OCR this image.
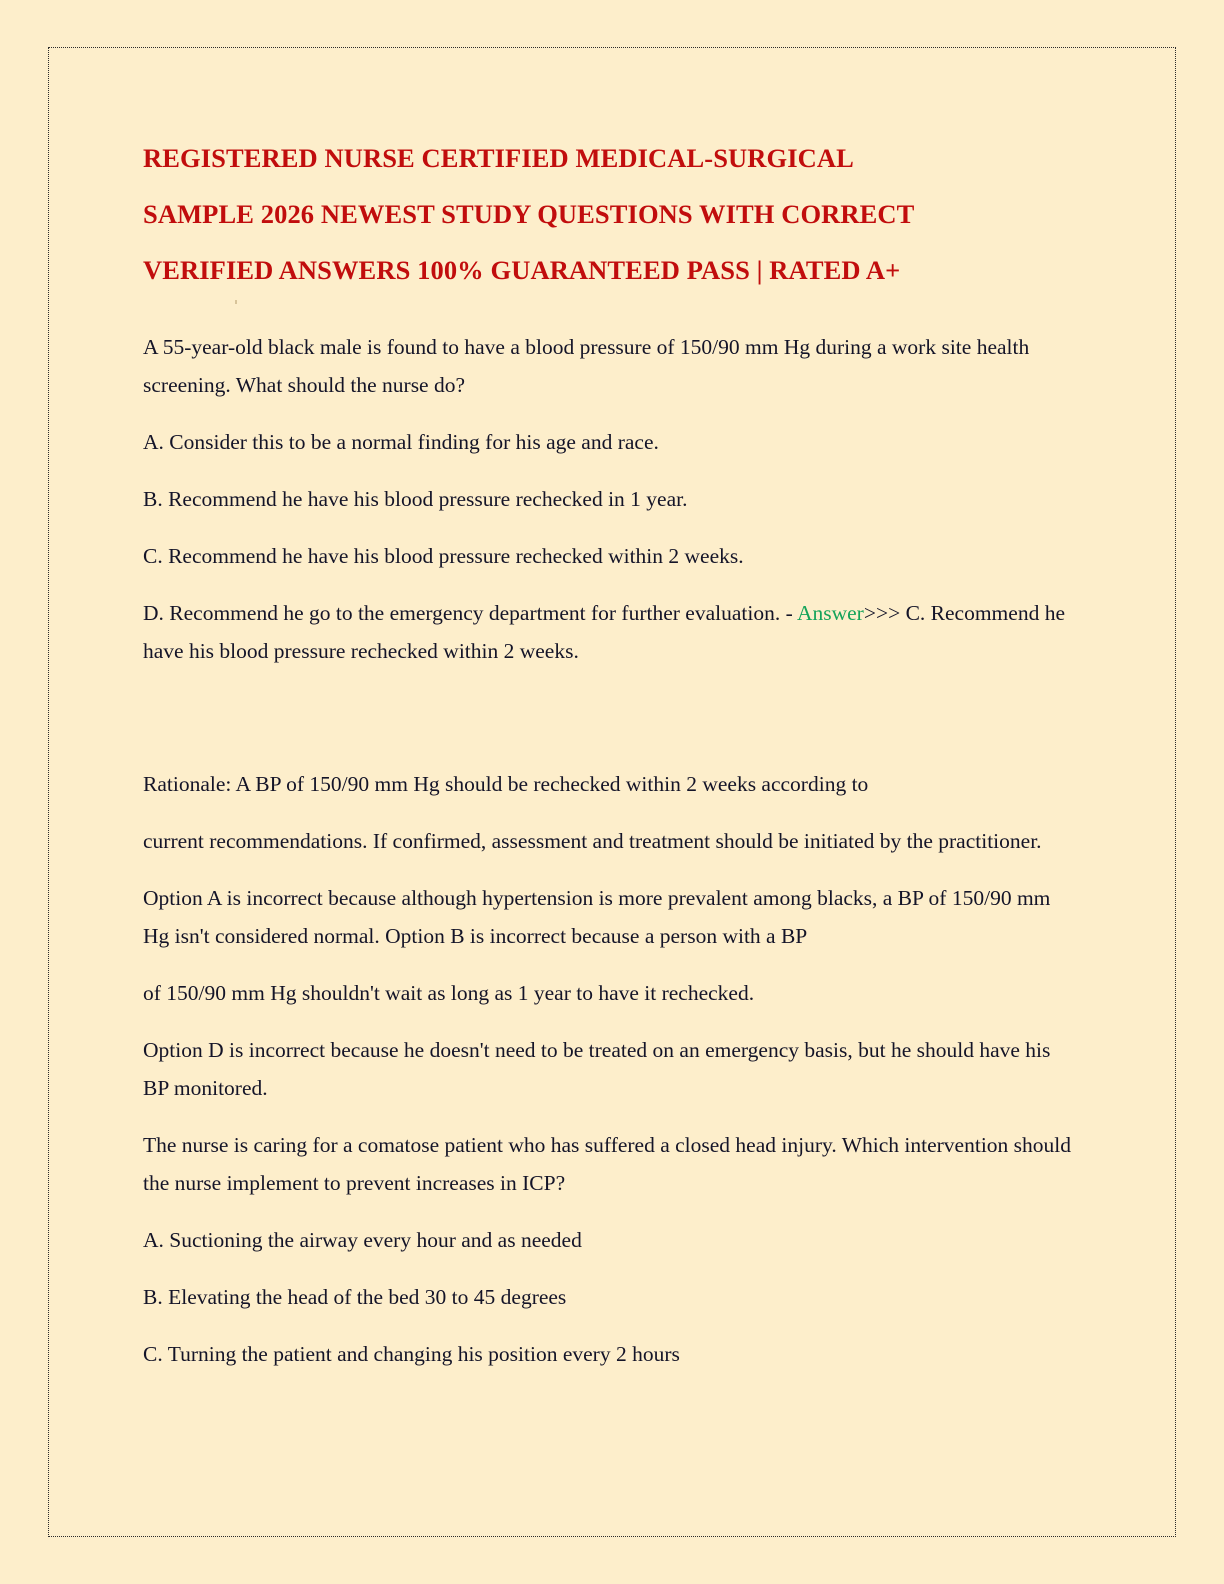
REGISTERED NURSE CERTIFIED MEDICAL-SURGICAL
SAMPLE 2026 NEWEST STUDY QUESTIONS WITH CORRECT
VERIFIED ANSWERS 100% GUARANTEED PASS | RATED A+

A 55-year-old black male is found to have a blood pressure of 150/90 mm Hg during a work site health screening. What should the nurse do?

A. Consider this to be a normal finding for his age and race.

B. Recommend he have his blood pressure rechecked in 1 year.

C. Recommend he have his blood pressure rechecked within 2 weeks.

D. Recommend he go to the emergency department for further evaluation. - Answer>>> C. Recommend he have his blood pressure rechecked within 2 weeks.

Rationale: A BP of 150/90 mm Hg should be rechecked within 2 weeks according to

current recommendations. If confirmed, assessment and treatment should be initiated by the practitioner.

Option A is incorrect because although hypertension is more prevalent among blacks, a BP of 150/90 mm Hg isn't considered normal. Option B is incorrect because a person with a BP

of 150/90 mm Hg shouldn't wait as long as 1 year to have it rechecked.

Option D is incorrect because he doesn't need to be treated on an emergency basis, but he should have his BP monitored.

The nurse is caring for a comatose patient who has suffered a closed head injury. Which intervention should the nurse implement to prevent increases in ICP?

A. Suctioning the airway every hour and as needed

B. Elevating the head of the bed 30 to 45 degrees

C. Turning the patient and changing his position every 2 hours
